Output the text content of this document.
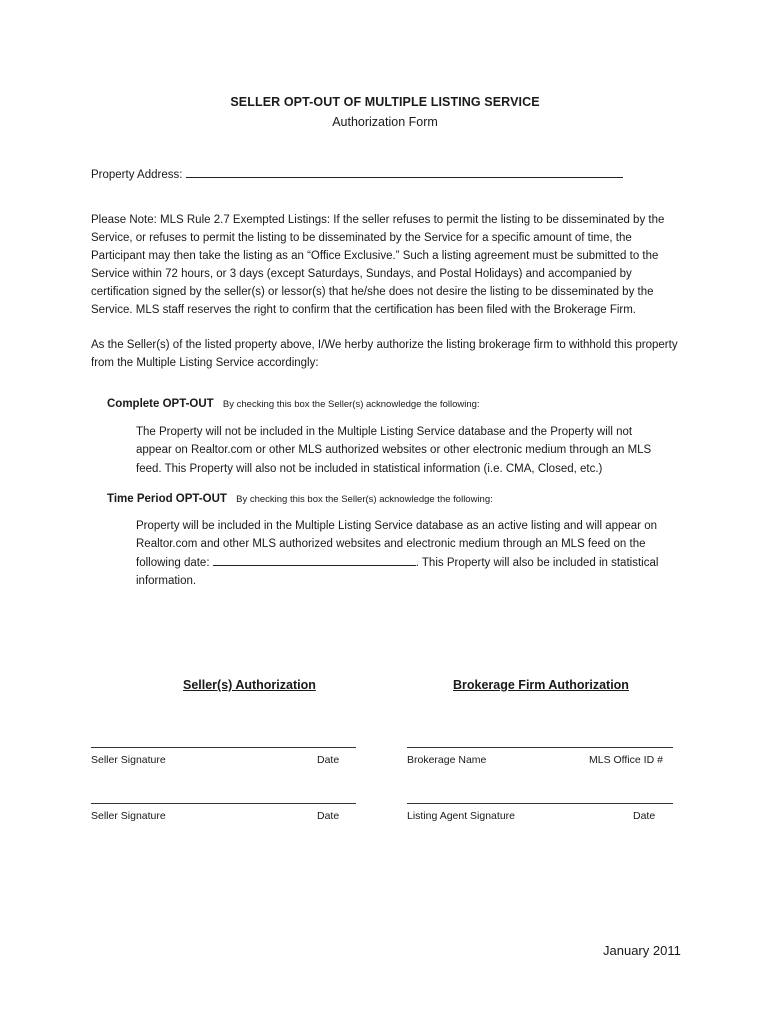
SELLER OPT-OUT OF MULTIPLE LISTING SERVICE
Authorization Form
Property Address:
Please Note: MLS Rule 2.7 Exempted Listings: If the seller refuses to permit the listing to be disseminated by the Service, or refuses to permit the listing to be disseminated by the Service for a specific amount of time, the Participant may then take the listing as an “Office Exclusive.” Such a listing agreement must be submitted to the Service within 72 hours, or 3 days (except Saturdays, Sundays, and Postal Holidays) and accompanied by certification signed by the seller(s) or lessor(s) that he/she does not desire the listing to be disseminated by the Service. MLS staff reserves the right to confirm that the certification has been filed with the Brokerage Firm.
As the Seller(s) of the listed property above, I/We herby authorize the listing brokerage firm to withhold this property from the Multiple Listing Service accordingly:
Complete OPT-OUT By checking this box the Seller(s) acknowledge the following:
The Property will not be included in the Multiple Listing Service database and the Property will not appear on Realtor.com or other MLS authorized websites or other electronic medium through an MLS feed. This Property will also not be included in statistical information (i.e. CMA, Closed, etc.)
Time Period OPT-OUT By checking this box the Seller(s) acknowledge the following:
Property will be included in the Multiple Listing Service database as an active listing and will appear on Realtor.com and other MLS authorized websites and electronic medium through an MLS feed on the following date:	. This Property will also be included in statistical information.
Seller(s) Authorization	Brokerage Firm Authorization
Seller Signature	Date	Brokerage Name	MLS Office ID #
Seller Signature	Date	Listing Agent Signature	Date
January 2011
